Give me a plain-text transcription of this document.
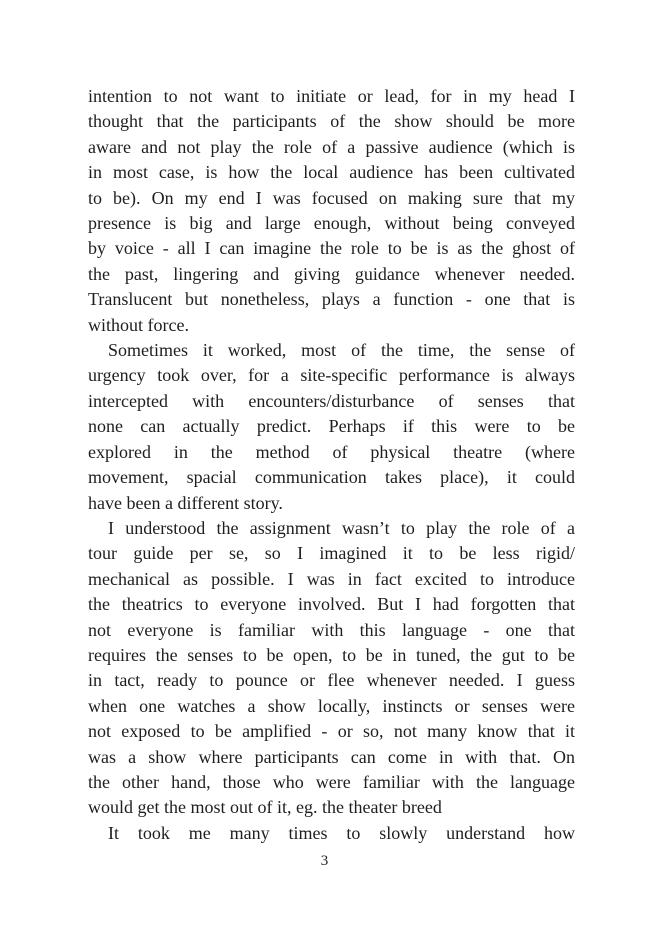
intention to not want to initiate or lead, for in my head I
thought that the participants of the show should be more
aware and not play the role of a passive audience (which is
in most case, is how the local audience has been cultivated
to be). On my end I was focused on making sure that my
presence is big and large enough, without being conveyed
by voice - all I can imagine the role to be is as the ghost of
the past, lingering and giving guidance whenever needed.
Translucent but nonetheless, plays a function - one that is
without force.
Sometimes it worked, most of the time, the sense of
urgency took over, for a site-specific performance is always
intercepted with encounters/disturbance of senses that
none can actually predict. Perhaps if this were to be
explored in the method of physical theatre (where
movement, spacial communication takes place), it could
have been a different story.
I understood the assignment wasn’t to play the role of a
tour guide per se, so I imagined it to be less rigid/
mechanical as possible. I was in fact excited to introduce
the theatrics to everyone involved. But I had forgotten that
not everyone is familiar with this language - one that
requires the senses to be open, to be in tuned, the gut to be
in tact, ready to pounce or flee whenever needed. I guess
when one watches a show locally, instincts or senses were
not exposed to be amplified - or so, not many know that it
was a show where participants can come in with that. On
the other hand, those who were familiar with the language
would get the most out of it, eg. the theater breed
It took me many times to slowly understand how
3
